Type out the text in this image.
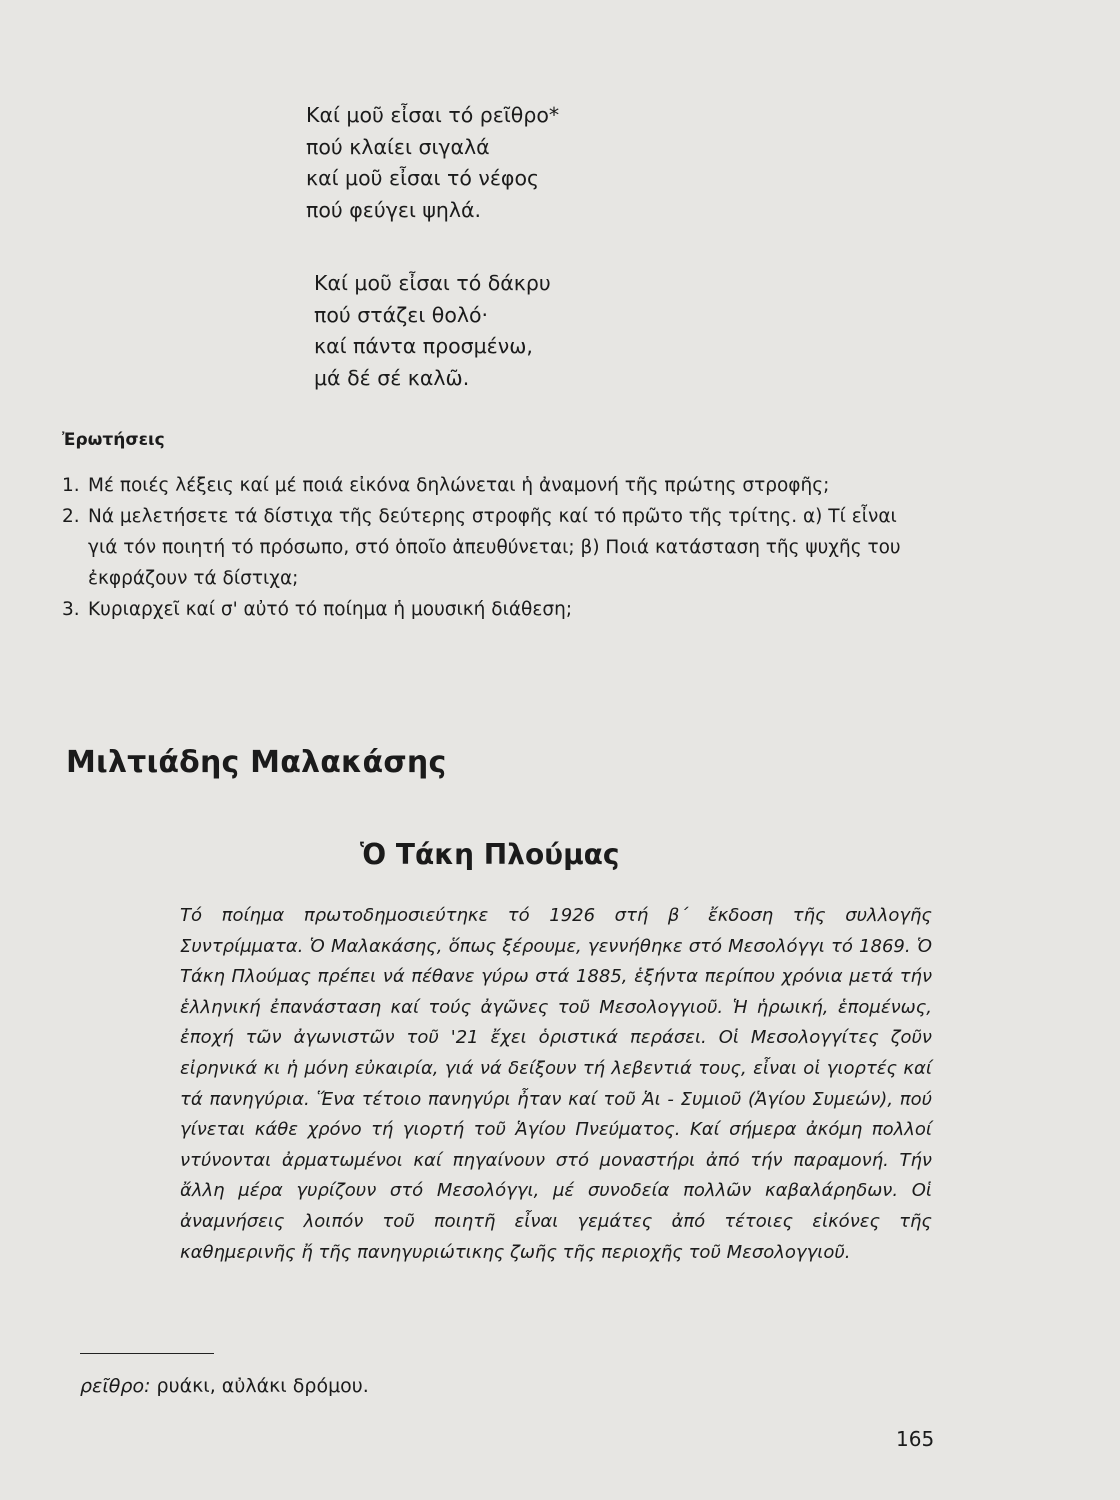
Καί μοῦ εἶσαι τό ρεῖθρο*
πού κλαίει σιγαλά
καί μοῦ εἶσαι τό νέφος
πού φεύγει ψηλά.
Καί μοῦ εἶσαι τό δάκρυ
πού στάζει θολό·
καί πάντα προσμένω,
μά δέ σέ καλῶ.
Ἐρωτήσεις
1. Μέ ποιές λέξεις καί μέ ποιά εἰκόνα δηλώνεται ἡ ἀναμονή τῆς πρώτης στροφῆς;
2. Νά μελετήσετε τά δίστιχα τῆς δεύτερης στροφῆς καί τό πρῶτο τῆς τρίτης. α) Τί εἶναι γιά τόν ποιητή τό πρόσωπο, στό ὁποῖο ἀπευθύνεται; β) Ποιά κατάσταση τῆς ψυχῆς του ἐκφράζουν τά δίστιχα;
3. Κυριαρχεῖ καί σ' αὐτό τό ποίημα ἡ μουσική διάθεση;
Μιλτιάδης Μαλακάσης
Ὁ Τάκη Πλούμας
Τό ποίημα πρωτοδημοσιεύτηκε τό 1926 στή β΄ ἔκδοση τῆς συλλογῆς Συντρίμματα. Ὁ Μαλακάσης, ὅπως ξέρουμε, γεννήθηκε στό Μεσολόγγι τό 1869. Ὁ Τάκη Πλούμας πρέπει νά πέθανε γύρω στά 1885, ἑξήντα περίπου χρόνια μετά τήν ἑλληνική ἐπανάσταση καί τούς ἀγῶνες τοῦ Μεσολογγιοῦ. Ἡ ἡρωική, ἑπομένως, ἐποχή τῶν ἀγωνιστῶν τοῦ '21 ἔχει ὁριστικά περάσει. Οἱ Μεσολογγίτες ζοῦν εἰρηνικά κι ἡ μόνη εὐκαιρία, γιά νά δείξουν τή λεβεντιά τους, εἶναι οἱ γιορτές καί τά πανηγύρια. Ἕνα τέτοιο πανηγύρι ἦταν καί τοῦ Ἁι - Συμιοῦ (Ἁγίου Συμεών), πού γίνεται κάθε χρόνο τή γιορτή τοῦ Ἁγίου Πνεύματος. Καί σήμερα ἀκόμη πολλοί ντύνονται ἀρματωμένοι καί πηγαίνουν στό μοναστήρι ἀπό τήν παραμονή. Τήν ἄλλη μέρα γυρίζουν στό Μεσολόγγι, μέ συνοδεία πολλῶν καβαλάρηδων. Οἱ ἀναμνήσεις λοιπόν τοῦ ποιητῆ εἶναι γεμάτες ἀπό τέτοιες εἰκόνες τῆς καθημερινῆς ἤ τῆς πανηγυριώτικης ζωῆς τῆς περιοχῆς τοῦ Μεσολογγιοῦ.
ρεῖθρο: ρυάκι, αὐλάκι δρόμου.
165
